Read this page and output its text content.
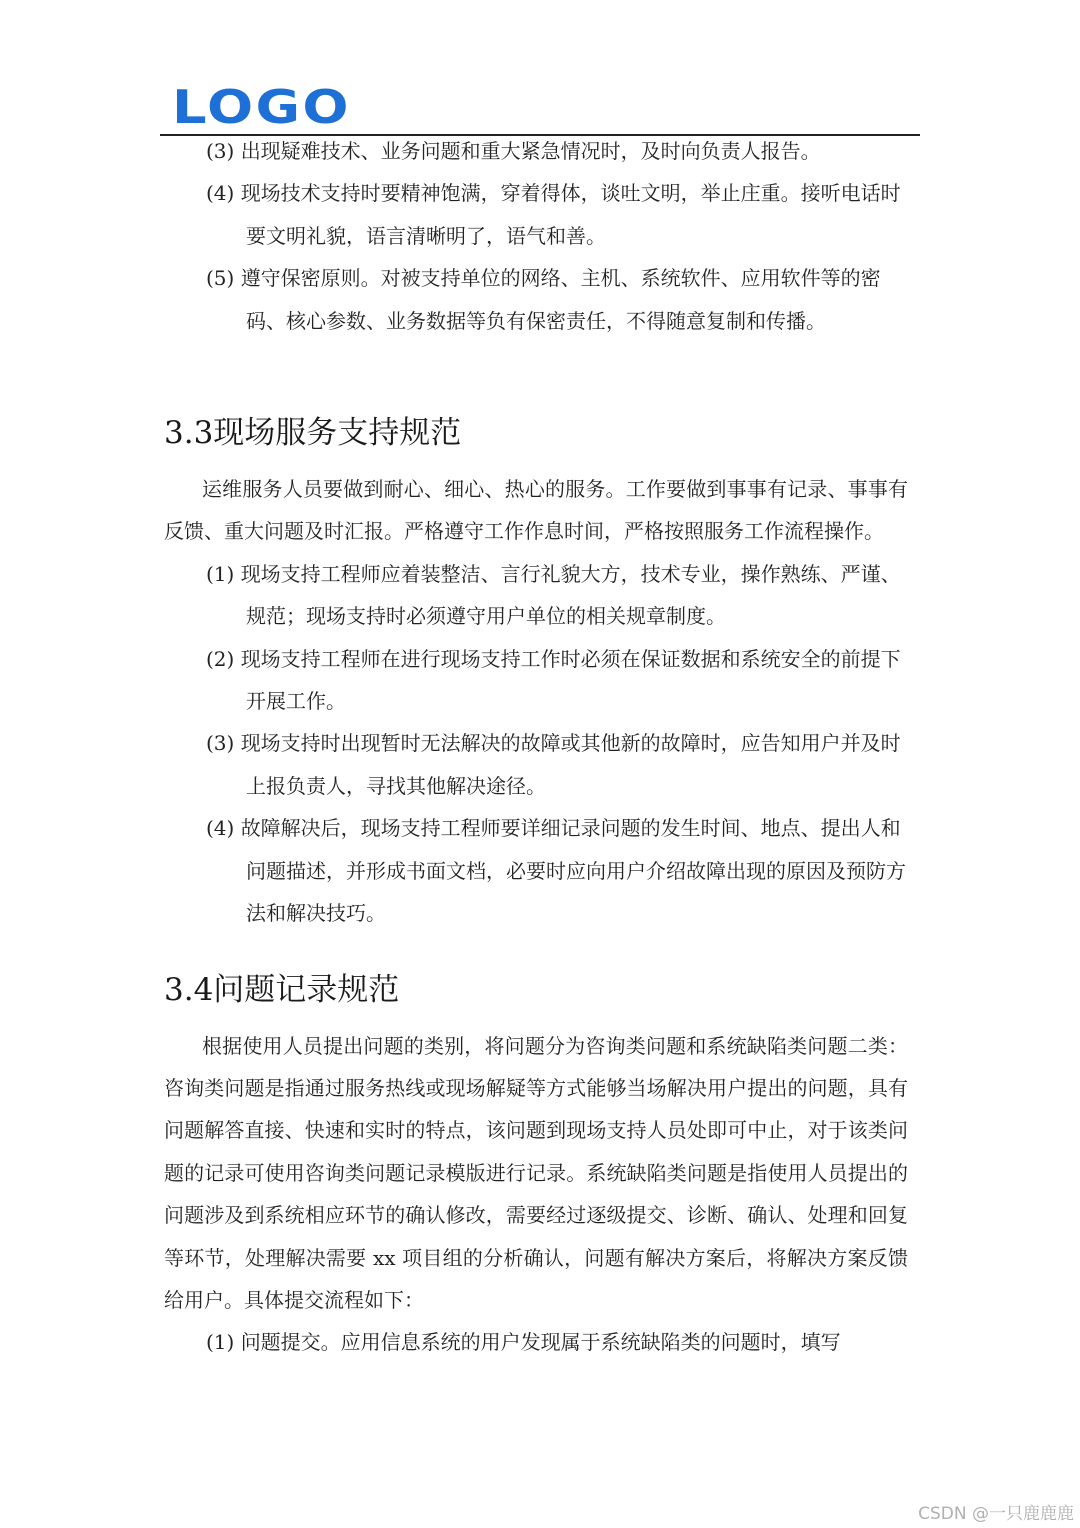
LOGO
(3) 出现疑难技术、业务问题和重大紧急情况时，及时向负责人报告。
(4) 现场技术支持时要精神饱满，穿着得体，谈吐文明，举止庄重。接听电话时要文明礼貌，语言清晰明了，语气和善。
(5) 遵守保密原则。对被支持单位的网络、主机、系统软件、应用软件等的密码、核心参数、业务数据等负有保密责任，不得随意复制和传播。
3.3现场服务支持规范
运维服务人员要做到耐心、细心、热心的服务。工作要做到事事有记录、事事有反馈、重大问题及时汇报。严格遵守工作作息时间，严格按照服务工作流程操作。
(1) 现场支持工程师应着装整洁、言行礼貌大方，技术专业，操作熟练、严谨、规范；现场支持时必须遵守用户单位的相关规章制度。
(2) 现场支持工程师在进行现场支持工作时必须在保证数据和系统安全的前提下开展工作。
(3) 现场支持时出现暂时无法解决的故障或其他新的故障时，应告知用户并及时上报负责人，寻找其他解决途径。
(4) 故障解决后，现场支持工程师要详细记录问题的发生时间、地点、提出人和问题描述，并形成书面文档，必要时应向用户介绍故障出现的原因及预防方法和解决技巧。
3.4问题记录规范
根据使用人员提出问题的类别，将问题分为咨询类问题和系统缺陷类问题二类：咨询类问题是指通过服务热线或现场解疑等方式能够当场解决用户提出的问题，具有问题解答直接、快速和实时的特点，该问题到现场支持人员处即可中止，对于该类问题的记录可使用咨询类问题记录模版进行记录。系统缺陷类问题是指使用人员提出的问题涉及到系统相应环节的确认修改，需要经过逐级提交、诊断、确认、处理和回复等环节，处理解决需要 xx 项目组的分析确认，问题有解决方案后，将解决方案反馈给用户。具体提交流程如下：
(1) 问题提交。应用信息系统的用户发现属于系统缺陷类的问题时，填写
CSDN @一只鹿鹿鹿
